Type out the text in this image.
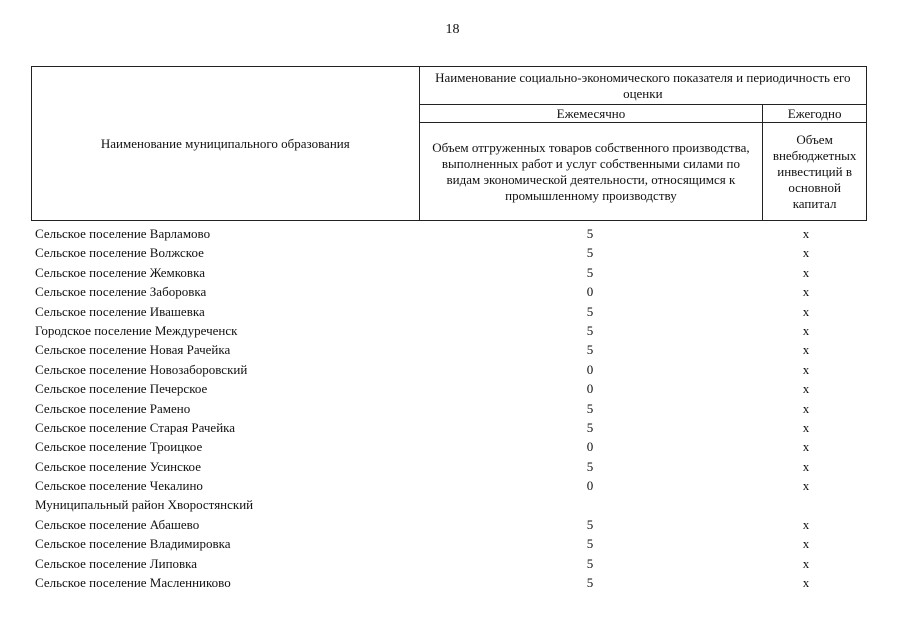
18
Наименование муниципального образования	Наименование социально-экономического показателя и периодичность его оценки	
	Ежемесячно	Ежегодно
	Объем отгруженных товаров собственного производства, выполненных работ и услуг собственными силами по видам экономической деятельности, относящимся к промышленному производству	Объем внебюджетных инвестиций в основной капитал
Сельское поселение Варламово	5	х
Сельское поселение Волжское	5	х
Сельское поселение Жемковка	5	х
Сельское поселение Заборовка	0	х
Сельское поселение Ивашевка	5	х
Городское поселение Междуреченск	5	х
Сельское поселение Новая Рачейка	5	х
Сельское поселение Новозаборовский	0	х
Сельское поселение Печерское	0	х
Сельское поселение Рамено	5	х
Сельское поселение Старая Рачейка	5	х
Сельское поселение Троицкое	0	х
Сельское поселение Усинское	5	х
Сельское поселение Чекалино	0	х
Муниципальный район Хворостянский
Сельское поселение Абашево	5	х
Сельское поселение Владимировка	5	х
Сельское поселение Липовка	5	х
Сельское поселение Масленниково	5	х
